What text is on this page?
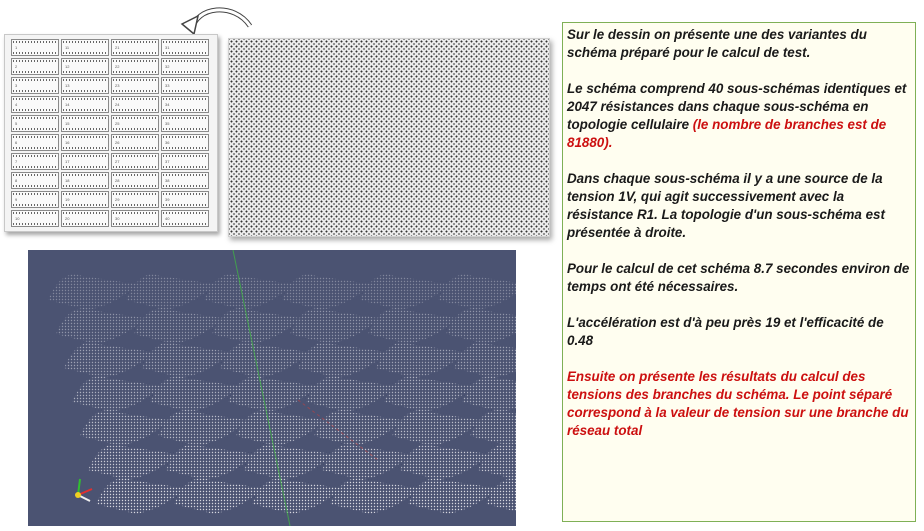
1	11	21	31
2	12	22	32
3	13	23	33
4	14	24	34
5	15	25	35
6	16	26	36
7	17	27	37
8	18	28	38
9	19	29	39
10	20	30	40

Sur le dessin on présente une des variantes du schéma préparé pour le calcul de test.

Le schéma comprend 40 sous-schémas identiques et 2047 résistances dans chaque sous-schéma en topologie cellulaire (le nombre de branches est de 81880).

Dans chaque sous-schéma il y a une source de la tension 1V, qui agit successivement avec la résistance R1. La topologie d'un sous-schéma est présentée à droite.

Pour le calcul de cet schéma 8.7 secondes environ de temps ont été nécessaires.

L'accélération est d'à peu près 19 et l'efficacité de 0.48

Ensuite on présente les résultats du calcul des tensions des branches du schéma. Le point séparé correspond à la valeur de tension sur une branche du réseau total
